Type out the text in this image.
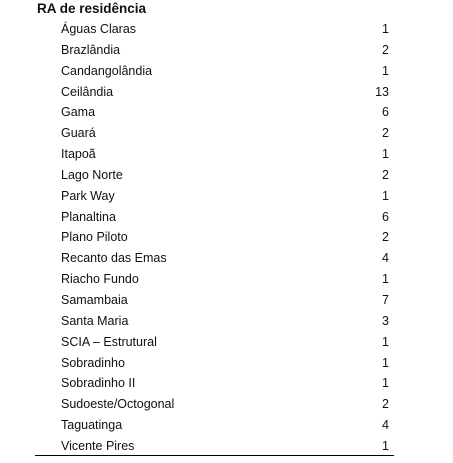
RA de residência
Águas Claras	1
Brazlândia	2
Candangolândia	1
Ceilândia	13
Gama	6
Guará	2
Itapoã	1
Lago Norte	2
Park Way	1
Planaltina	6
Plano Piloto	2
Recanto das Emas	4
Riacho Fundo	1
Samambaia	7
Santa Maria	3
SCIA – Estrutural	1
Sobradinho	1
Sobradinho II	1
Sudoeste/Octogonal	2
Taguatinga	4
Vicente Pires	1
